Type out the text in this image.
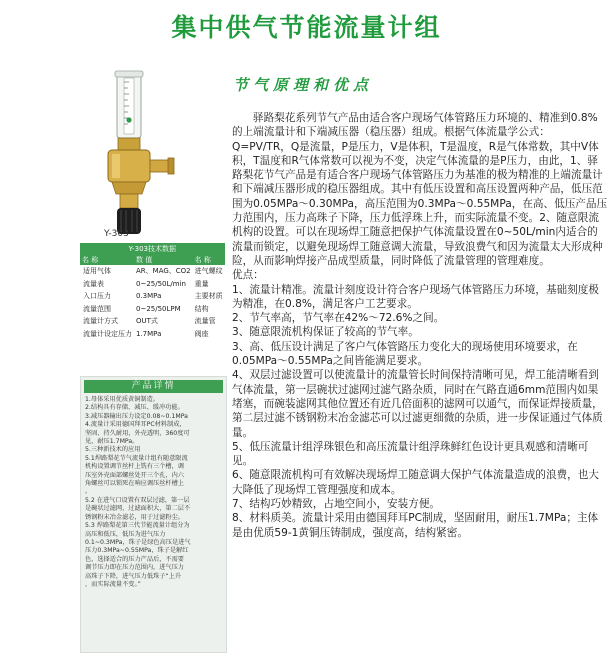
集中供气节能流量计组
Y-303
Y-303技术数据		
名 称	数 值	名 称
适用气体	AR、MAG、CO2	进气螺纹
流量表	0~25/50L/min	重量
入口压力	0.3MPa	主要材质
流量范围	0~25/50LPM	结构
流量计方式	OUT式	流量管
流量计设定压力	1.7MPa	阀座
产品详情
1.母体采用优质黄铜制造。
2.结构具有存储、减压、缓冲功能。
3.减压器输出压力设定0.08~0.1MPa
4.流量计采用德国拜耳PC材料制成，
坚固、持久耐用，外壳透明，360度可
见，耐压1.7MPa。
5.三种新技术的应用
5.1焊路梨花节气流量计组有随意限流
机构设置调节丝杆上铣有三个槽，调
压室外壳面部螺丝处开三个孔，内六
角螺丝可以锁死在响应调压丝杆槽上
。
5.2 在进气口设置有双层过滤，第一层
是碗状过滤网，过滤面积大，第二层不
锈钢粉末冶金滤芯，用于过滤粉尘。
5.3 焊路梨花第三代节能流量计组分为
高压和低压，低压为进气压力
0.1~0.3MPa，珠子是绿色高压是进气
压力0.3MPa~0.55MPa，珠子是解红
色，选择适合的压力产品后，不需要
调节压力即在压力范围内，进气压力
高珠子下降，进气压力低珠子“上升
，而实际流量不变。”
节气原理和优点

驿路梨花系列节气产品由适合客户现场气体管路压力环境的、精准到0.8%的上端流量计和下端减压器（稳压器）组成。根据气体流量学公式：Q=PV/TR，Q是流量，P是压力，V是体积，T是温度，R是气体常数，其中V体积，T温度和R气体常数可以视为不变，决定气体流量的是P压力，由此，1、驿路梨花节气产品是有适合客户现场气体管路压力为基准的极为精准的上端流量计和下端减压器形成的稳压器组成。其中有低压设置和高压设置两种产品，低压范围为0.05MPa～0.30MPa，高压范围为0.3MPa～0.55MPa，在高、低压产品压力范围内，压力高珠子下降，压力低浮珠上升，而实际流量不变。2、随意限流机构的设置。可以在现场焊工随意把保护气体流量设置在0~50L/min内适合的流量而锁定，以避免现场焊工随意调大流量，导致浪费气和因为流量太大形成种险，从而影响焊接产品成型质量，同时降低了流量管理的管理难度。

优点：

1、流量计精准。流量计刻度设计符合客户现场气体管路压力环境，基础刻度极为精准，在0.8%，满足客户工艺要求。

2、节气率高，节气率在42%～72.6%之间。

3、随意限流机构保证了较高的节气率。

3、高、低压设计满足了客户气体管路压力变化大的现场使用环境要求，在0.05MPa～0.55MPa之间皆能满足要求。

4、双层过滤设置可以使流量计的流量管长时间保持清晰可见，焊工能清晰看到气体流量，第一层碗状过滤网过滤气路杂质，同时在气路直通6mm范围内如果堵塞，而碗装滤网其他位置还有近几倍面积的滤网可以通气，而保证焊接质量，第二层过滤不锈钢粉末冶金滤芯可以过滤更细微的杂质，进一步保证通过气体质量。

5、低压流量计组浮珠银色和高压流量计组浮珠鲜红色设计更具观感和清晰可见。

6、随意限流机构可有效解决现场焊工随意调大保护气体流量造成的浪费，也大大降低了现场焊工管理强度和成本。

7、结构巧妙精致，占地空间小，安装方便。

8、材料质美。流量计采用由德国拜耳PC制成，坚固耐用，耐压1.7MPa；主体是由优质59-1黄铜压铸制成，强度高，结构紧密。
